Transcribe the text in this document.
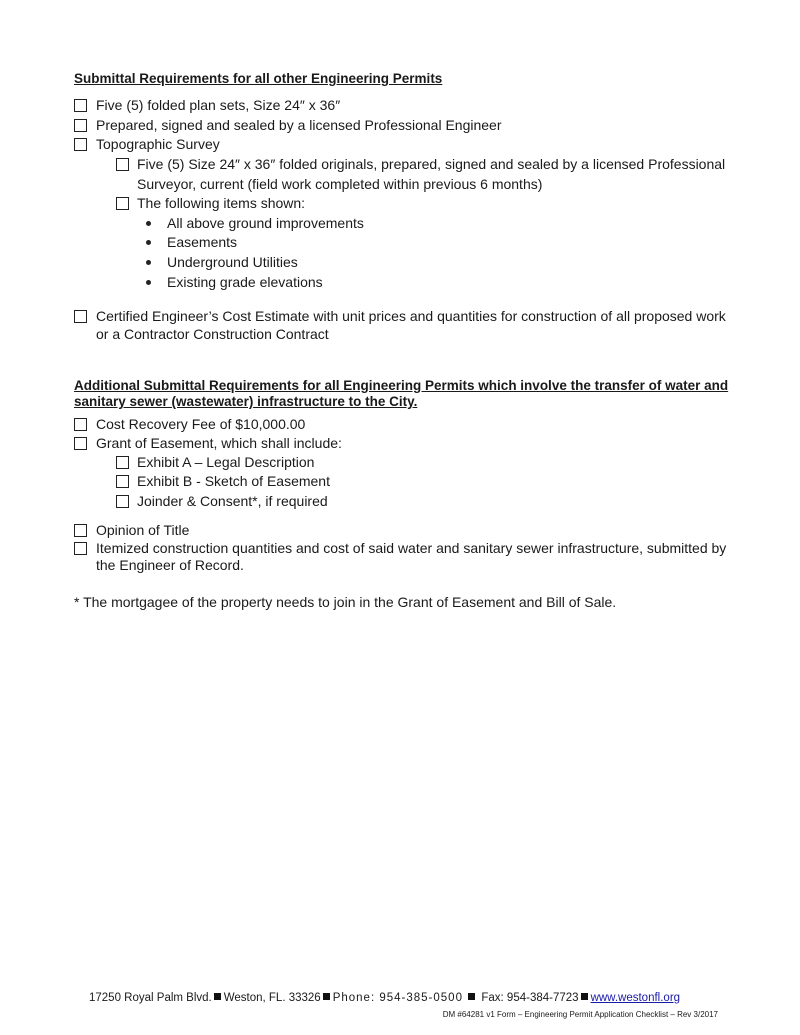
Submittal Requirements for all other Engineering Permits
Five (5) folded plan sets, Size 24″ x 36″
Prepared, signed and sealed by a licensed Professional Engineer
Topographic Survey
Five (5) Size 24″ x 36″ folded originals, prepared, signed and sealed by a licensed Professional
Surveyor, current (field work completed within previous 6 months)
The following items shown:
All above ground improvements
Easements
Underground Utilities
Existing grade elevations
Certified Engineer’s Cost Estimate with unit prices and quantities for construction of all proposed work
or a Contractor Construction Contract
Additional Submittal Requirements for all Engineering Permits which involve the transfer of water and
sanitary sewer (wastewater) infrastructure to the City.
Cost Recovery Fee of $10,000.00
Grant of Easement, which shall include:
Exhibit A – Legal Description
Exhibit B - Sketch of Easement
Joinder & Consent*, if required
Opinion of Title
Itemized construction quantities and cost of said water and sanitary sewer infrastructure, submitted by
the Engineer of Record.
* The mortgagee of the property needs to join in the Grant of Easement and Bill of Sale.
17250 Royal Palm Blvd. Weston, FL. 33326 Phone: 954-385-0500 Fax: 954-384-7723 www.westonfl.org
DM #64281 v1 Form – Engineering Permit Application Checklist – Rev 3/2017
